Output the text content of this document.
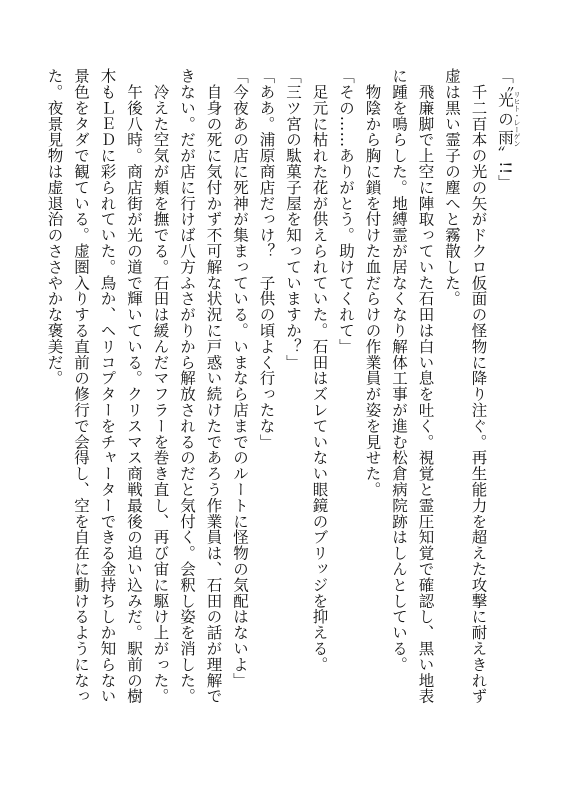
「〝光の雨 リヒト・レーゲン〟!!」
　千二百本の光の矢がドクロ仮面の怪物に降り注ぐ。再生能力を超えた攻撃に耐えきれず
虚は黒い霊子の塵へと霧散した。
　飛廉脚で上空に陣取っていた石田は白い息を吐く。視覚と霊圧知覚で確認し、黒い地表
に踵を鳴らした。地縛霊が居なくなり解体工事が進む松倉病院跡はしんとしている。
　物陰から胸に鎖を付けた血だらけの作業員が姿を見せた。
「その……ありがとう。助けてくれて」
　足元に枯れた花が供えられていた。石田はズレていない眼鏡のブリッジを抑える。
「三ツ宮の駄菓子屋を知っていますか？」
「ああ。浦原商店だっけ？　子供の頃よく行ったな」
「今夜あの店に死神が集まっている。いまなら店までのルートに怪物の気配はないよ」
　自身の死に気付かず不可解な状況に戸惑い続けたであろう作業員は、石田の話が理解で
きない。だが店に行けば八方ふさがりから解放されるのだと気付く。会釈し姿を消した。
　冷えた空気が頬を撫でる。石田は緩んだマフラーを巻き直し、再び宙に駆け上がった。
　午後八時。商店街が光の道で輝いている。クリスマス商戦最後の追い込みだ。駅前の樹
木もＬＥＤに彩られていた。鳥か、ヘリコプターをチャーターできる金持ちしか知らない
景色をタダで観ている。虚圏入りする直前の修行で会得し、空を自在に動けるようになっ
た。夜景見物は虚退治のささやかな褒美だ。
